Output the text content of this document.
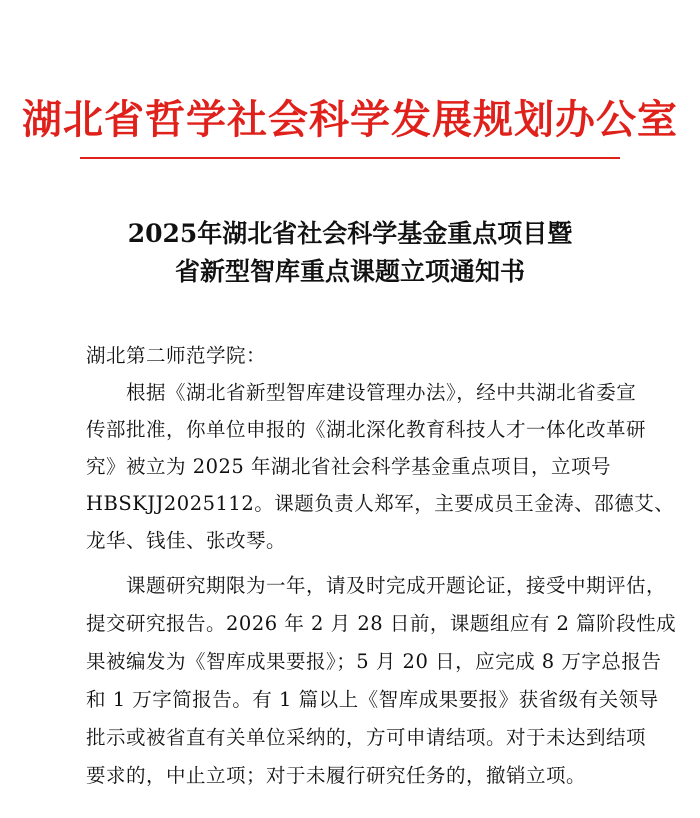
湖北省哲学社会科学发展规划办公室
2025年湖北省社会科学基金重点项目暨
省新型智库重点课题立项通知书
湖北第二师范学院：
　　根据《湖北省新型智库建设管理办法》，经中共湖北省委宣
传部批准，你单位申报的《湖北深化教育科技人才一体化改革研
究》被立为 2025 年湖北省社会科学基金重点项目，立项号
HBSKJJ2025112。课题负责人郑军，主要成员王金涛、邵德艾、
龙华、钱佳、张改琴。
　　课题研究期限为一年，请及时完成开题论证，接受中期评估，
提交研究报告。2026 年 2 月 28 日前，课题组应有 2 篇阶段性成
果被编发为《智库成果要报》；5 月 20 日，应完成 8 万字总报告
和 1 万字简报告。有 1 篇以上《智库成果要报》获省级有关领导
批示或被省直有关单位采纳的，方可申请结项。对于未达到结项
要求的，中止立项；对于未履行研究任务的，撤销立项。
